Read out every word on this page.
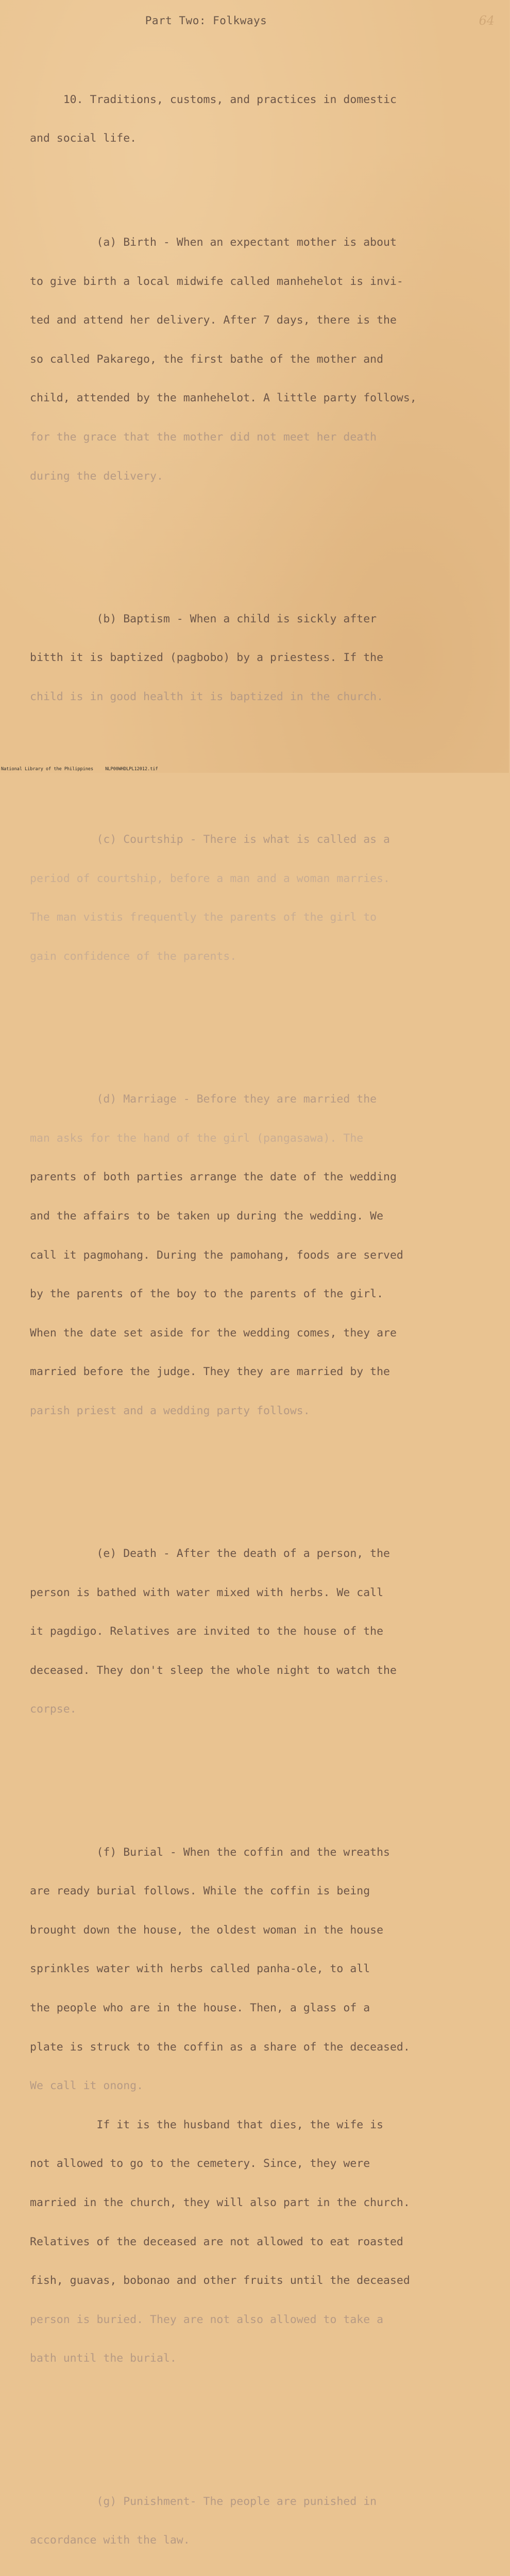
Part Two: Folkways	64

10. Traditions, customs, and practices in domestic

and social life.

(a) Birth - When an expectant mother is about

to give birth a local midwife called manhehelot is invi-

ted and attend her delivery. After 7 days, there is the

so called Pakarego, the first bathe of the mother and

child, attended by the manhehelot. A little party follows,

for the grace that the mother did not meet her death

during the delivery.

(b) Baptism - When a child is sickly after

bitth it is baptized (pagbobo) by a priestess. If the

child is in good health it is baptized in the church.

(c) Courtship - There is what is called as a

period of courtship, before a man and a woman marries.

The man vistis frequently the parents of the girl to

gain confidence of the parents.

(d) Marriage - Before they are married the

man asks for the hand of the girl (pangasawa). The

parents of both parties arrange the date of the wedding

and the affairs to be taken up during the wedding. We

call it pagmohang. During the pamohang, foods are served

by the parents of the boy to the parents of the girl.

When the date set aside for the wedding comes, they are

married before the judge. They they are married by the

parish priest and a wedding party follows.

(e) Death - After the death of a person, the

person is bathed with water mixed with herbs. We call

it pagdigo. Relatives are invited to the house of the

deceased. They don't sleep the whole night to watch the

corpse.

(f) Burial - When the coffin and the wreaths

are ready burial follows. While the coffin is being

brought down the house, the oldest woman in the house

sprinkles water with herbs called panha-ole, to all

the people who are in the house. Then, a glass of a

plate is struck to the coffin as a share of the deceased.

We call it onong.

If it is the husband that dies, the wife is

not allowed to go to the cemetery. Since, they were

married in the church, they will also part in the church.

Relatives of the deceased are not allowed to eat roasted

fish, guavas, bobonao and other fruits until the deceased

person is buried. They are not also allowed to take a

bath until the burial.

(g) Punishment- The people are punished in

accordance with the law.

National Library of the Philippines	NLP00WHDLPL12012.tif
